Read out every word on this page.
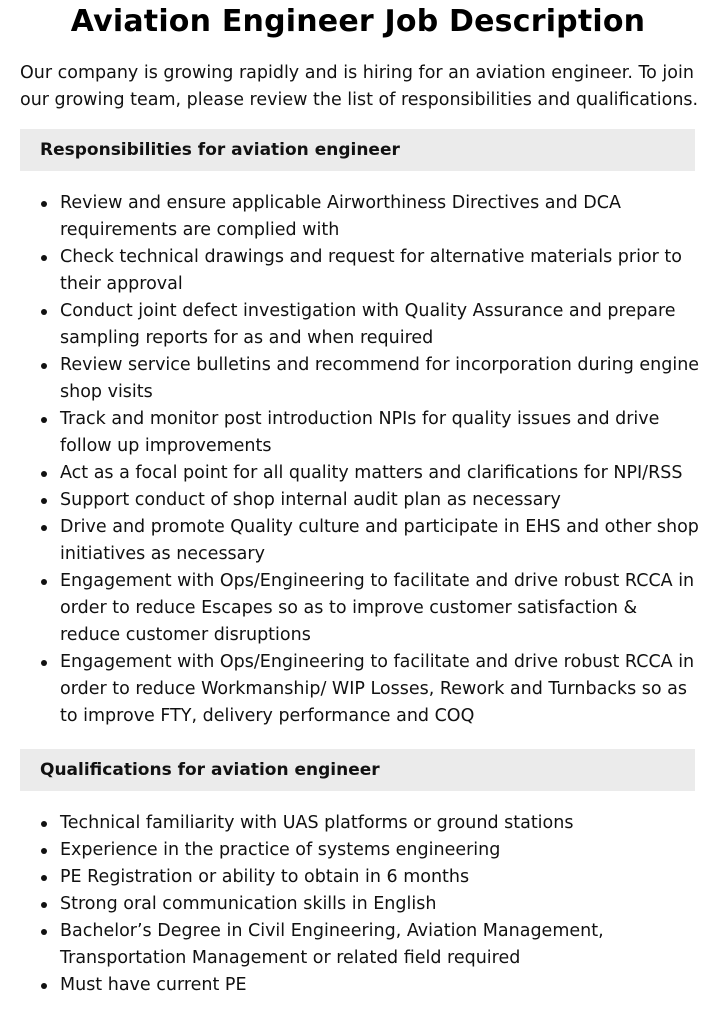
Aviation Engineer Job Description

Our company is growing rapidly and is hiring for an aviation engineer. To join our growing team, please review the list of responsibilities and qualifications.

Responsibilities for aviation engineer
Review and ensure applicable Airworthiness Directives and DCA requirements are complied with
Check technical drawings and request for alternative materials prior to their approval
Conduct joint defect investigation with Quality Assurance and prepare sampling reports for as and when required
Review service bulletins and recommend for incorporation during engine shop visits
Track and monitor post introduction NPIs for quality issues and drive follow up improvements
Act as a focal point for all quality matters and clarifications for NPI/RSS
Support conduct of shop internal audit plan as necessary
Drive and promote Quality culture and participate in EHS and other shop initiatives as necessary
Engagement with Ops/Engineering to facilitate and drive robust RCCA in order to reduce Escapes so as to improve customer satisfaction & reduce customer disruptions
Engagement with Ops/Engineering to facilitate and drive robust RCCA in order to reduce Workmanship/ WIP Losses, Rework and Turnbacks so as to improve FTY, delivery performance and COQ
Qualifications for aviation engineer
Technical familiarity with UAS platforms or ground stations
Experience in the practice of systems engineering
PE Registration or ability to obtain in 6 months
Strong oral communication skills in English
Bachelor’s Degree in Civil Engineering, Aviation Management, Transportation Management or related field required
Must have current PE
